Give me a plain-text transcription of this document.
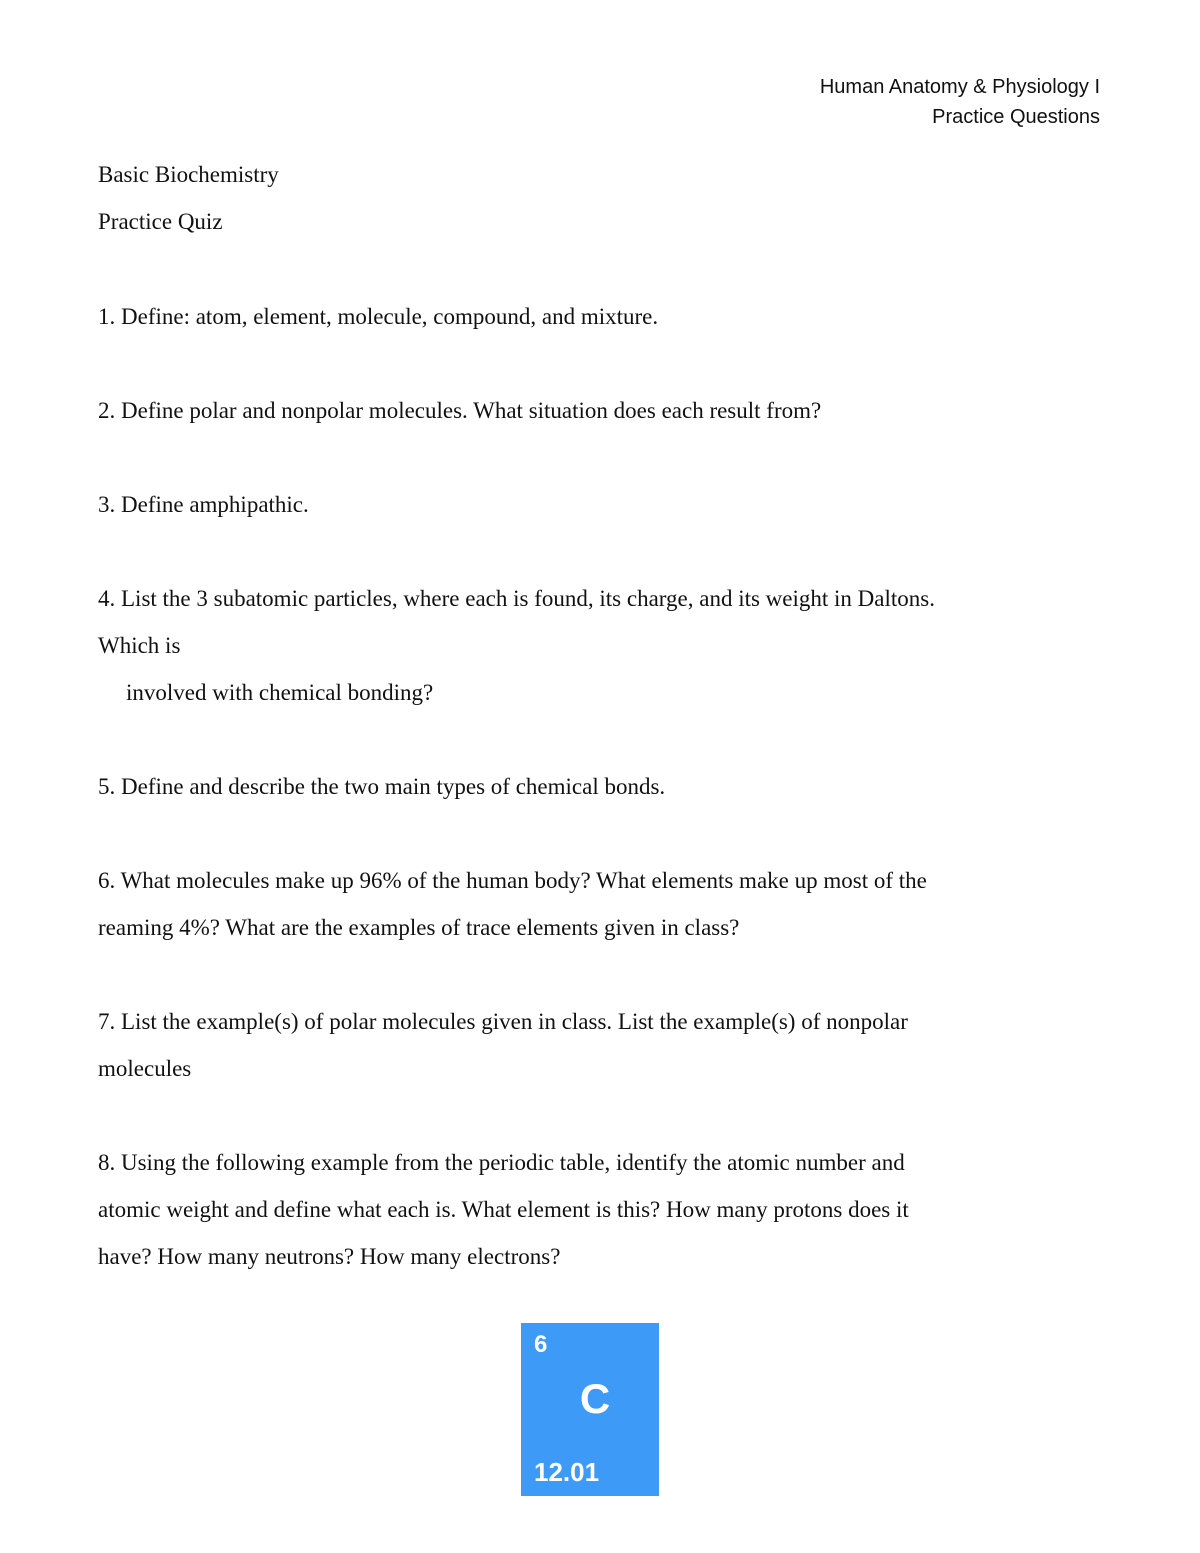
Human Anatomy & Physiology I
Practice Questions
Basic Biochemistry
Practice Quiz

1. Define: atom, element, molecule, compound, and mixture.

2. Define polar and nonpolar molecules. What situation does each result from?

3. Define amphipathic.

4. List the 3 subatomic particles, where each is found, its charge, and its weight in Daltons.

Which is

involved with chemical bonding?

5. Define and describe the two main types of chemical bonds.

6. What molecules make up 96% of the human body? What elements make up most of the

reaming 4%? What are the examples of trace elements given in class?

7. List the example(s) of polar molecules given in class. List the example(s) of nonpolar

molecules

8. Using the following example from the periodic table, identify the atomic number and

atomic weight and define what each is. What element is this? How many protons does it

have? How many neutrons? How many electrons?

6
C
12.01
